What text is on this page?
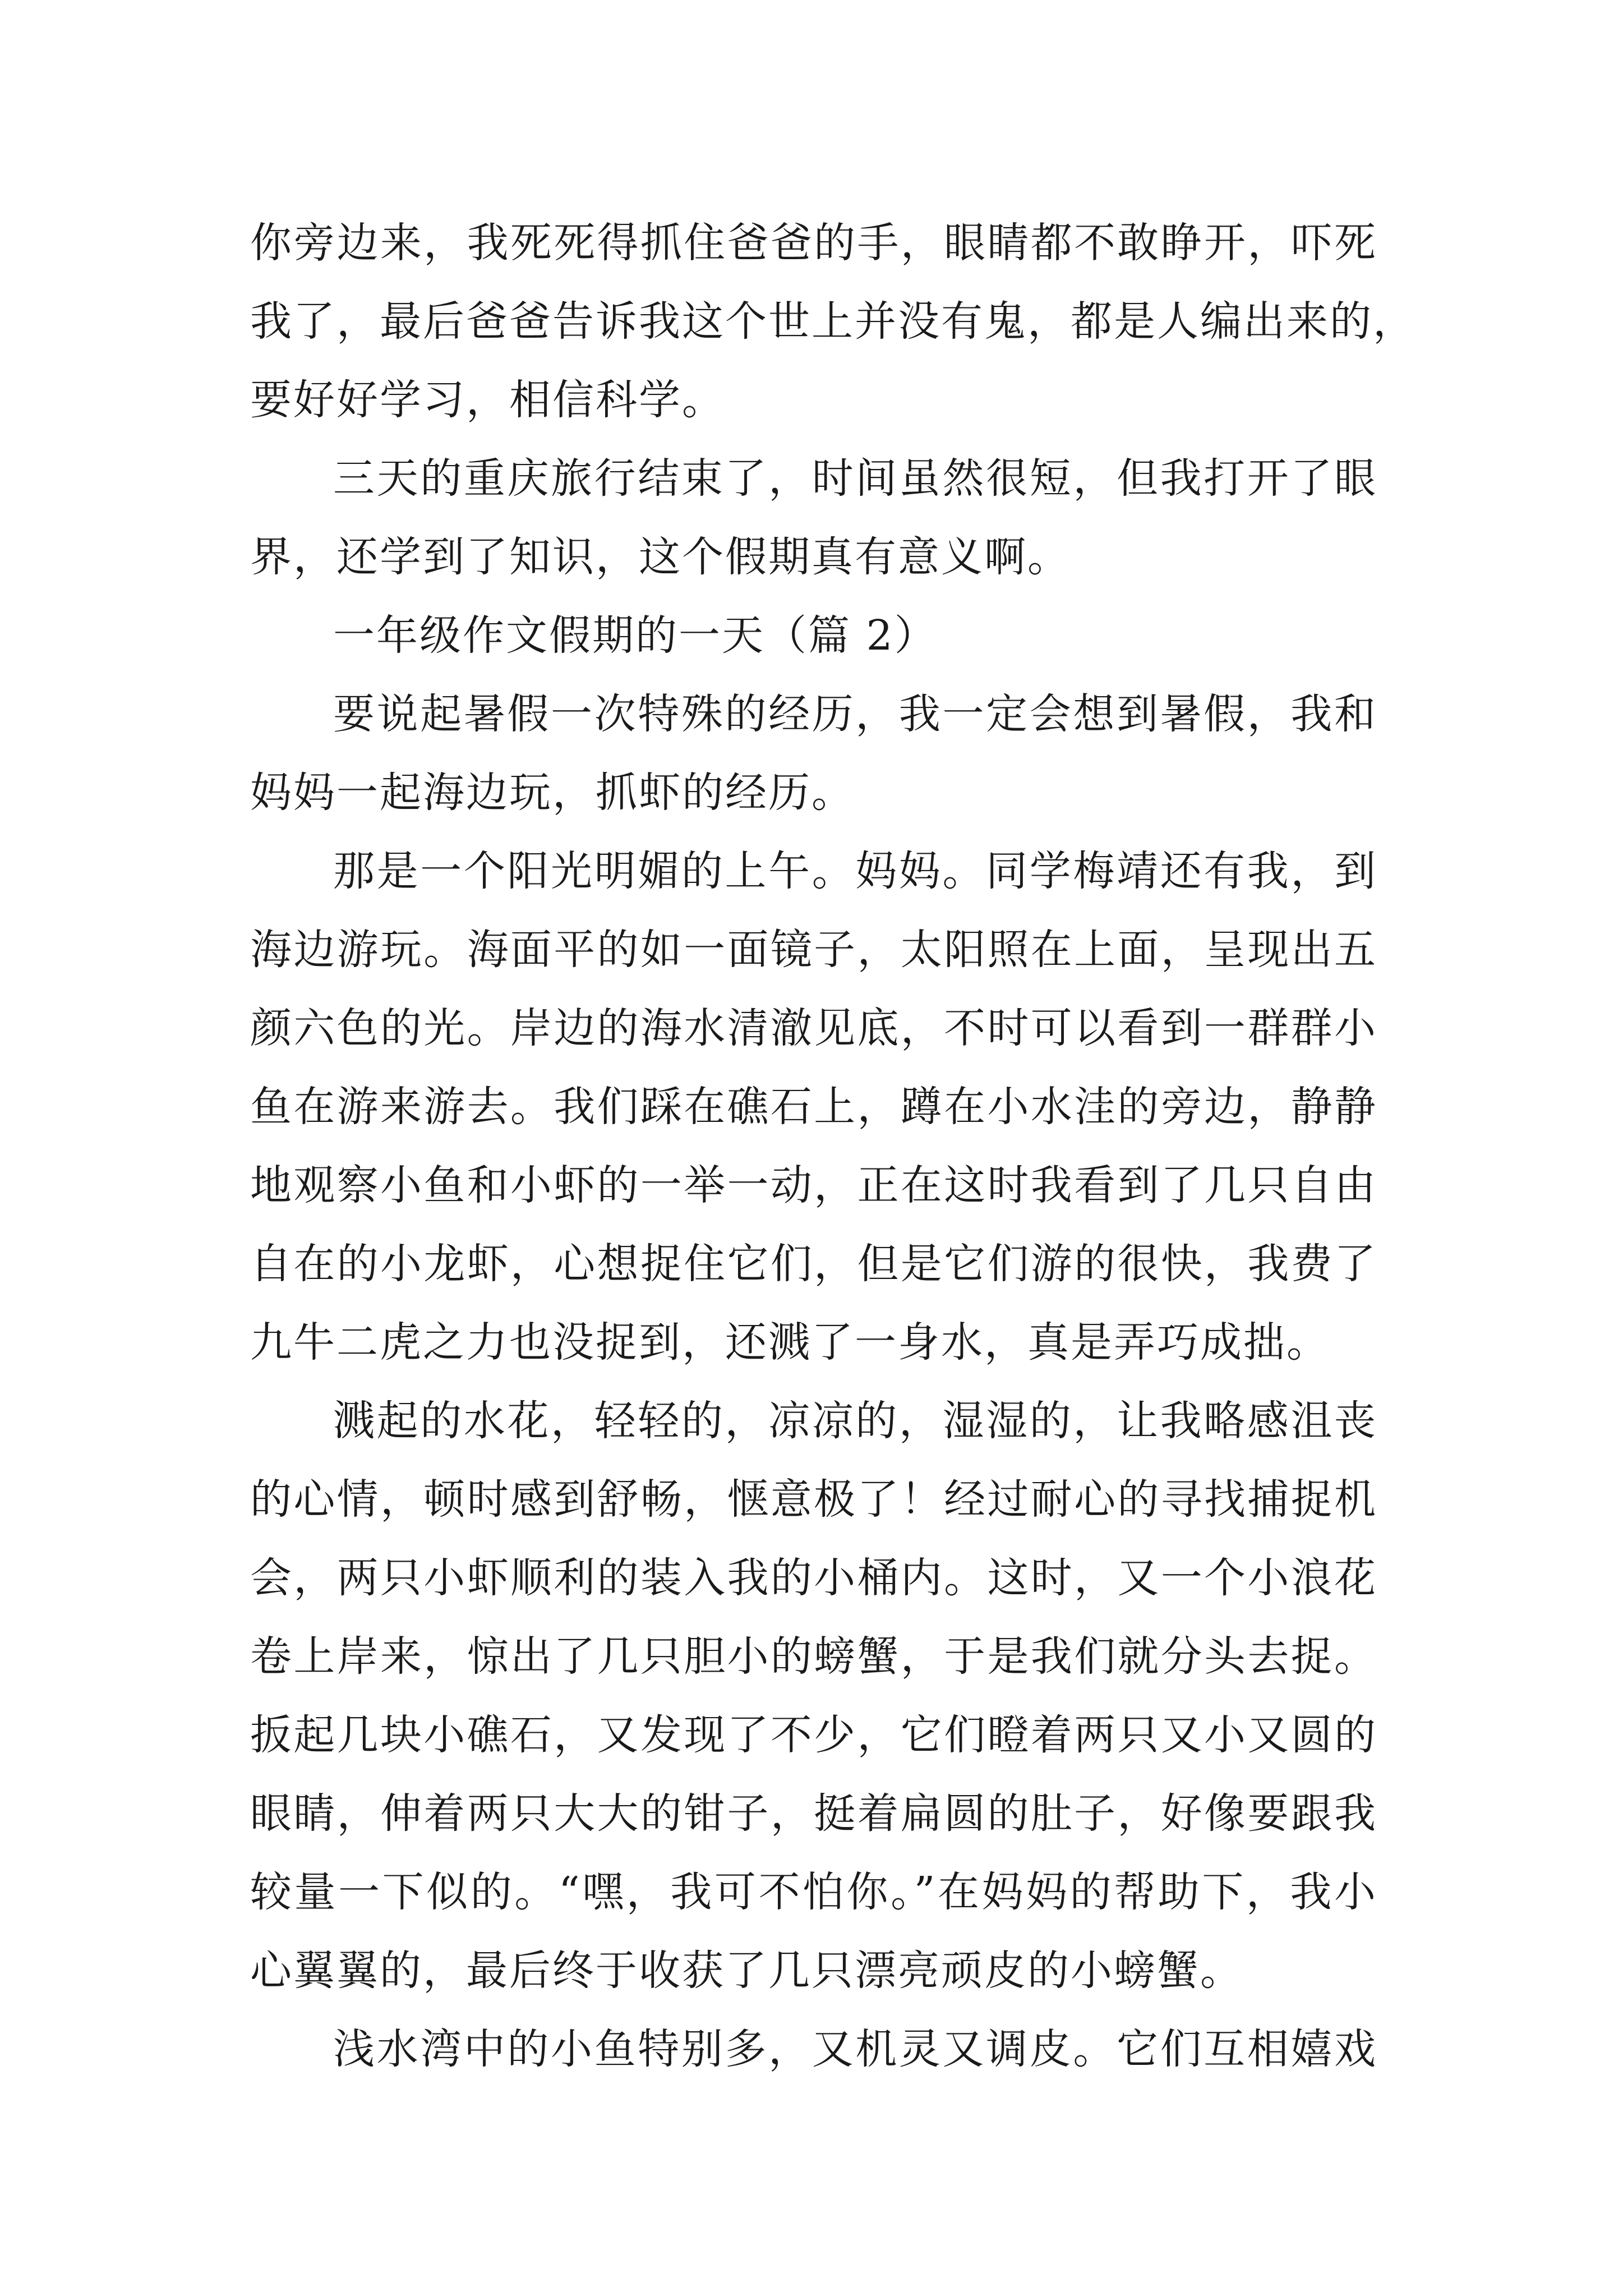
你旁边来，我死死得抓住爸爸的手，眼睛都不敢睁开，吓死
我了，最后爸爸告诉我这个世上并没有鬼，都是人编出来的，
要好好学习，相信科学。
三天的重庆旅行结束了，时间虽然很短，但我打开了眼
界，还学到了知识，这个假期真有意义啊。
一年级作文假期的一天（篇 2）
要说起暑假一次特殊的经历，我一定会想到暑假，我和
妈妈一起海边玩，抓虾的经历。
那是一个阳光明媚的上午。妈妈。同学梅靖还有我，到
海边游玩。海面平的如一面镜子，太阳照在上面，呈现出五
颜六色的光。岸边的海水清澈见底，不时可以看到一群群小
鱼在游来游去。我们踩在礁石上，蹲在小水洼的旁边，静静
地观察小鱼和小虾的一举一动，正在这时我看到了几只自由
自在的小龙虾，心想捉住它们，但是它们游的很快，我费了
九牛二虎之力也没捉到，还溅了一身水，真是弄巧成拙。
溅起的水花，轻轻的，凉凉的，湿湿的，让我略感沮丧
的心情，顿时感到舒畅，惬意极了！经过耐心的寻找捕捉机
会，两只小虾顺利的装入我的小桶内。这时，又一个小浪花
卷上岸来，惊出了几只胆小的螃蟹，于是我们就分头去捉。
扳起几块小礁石，又发现了不少，它们瞪着两只又小又圆的
眼睛，伸着两只大大的钳子，挺着扁圆的肚子，好像要跟我
较量一下似的。“嘿，我可不怕你。”在妈妈的帮助下，我小
心翼翼的，最后终于收获了几只漂亮顽皮的小螃蟹。
浅水湾中的小鱼特别多，又机灵又调皮。它们互相嬉戏
